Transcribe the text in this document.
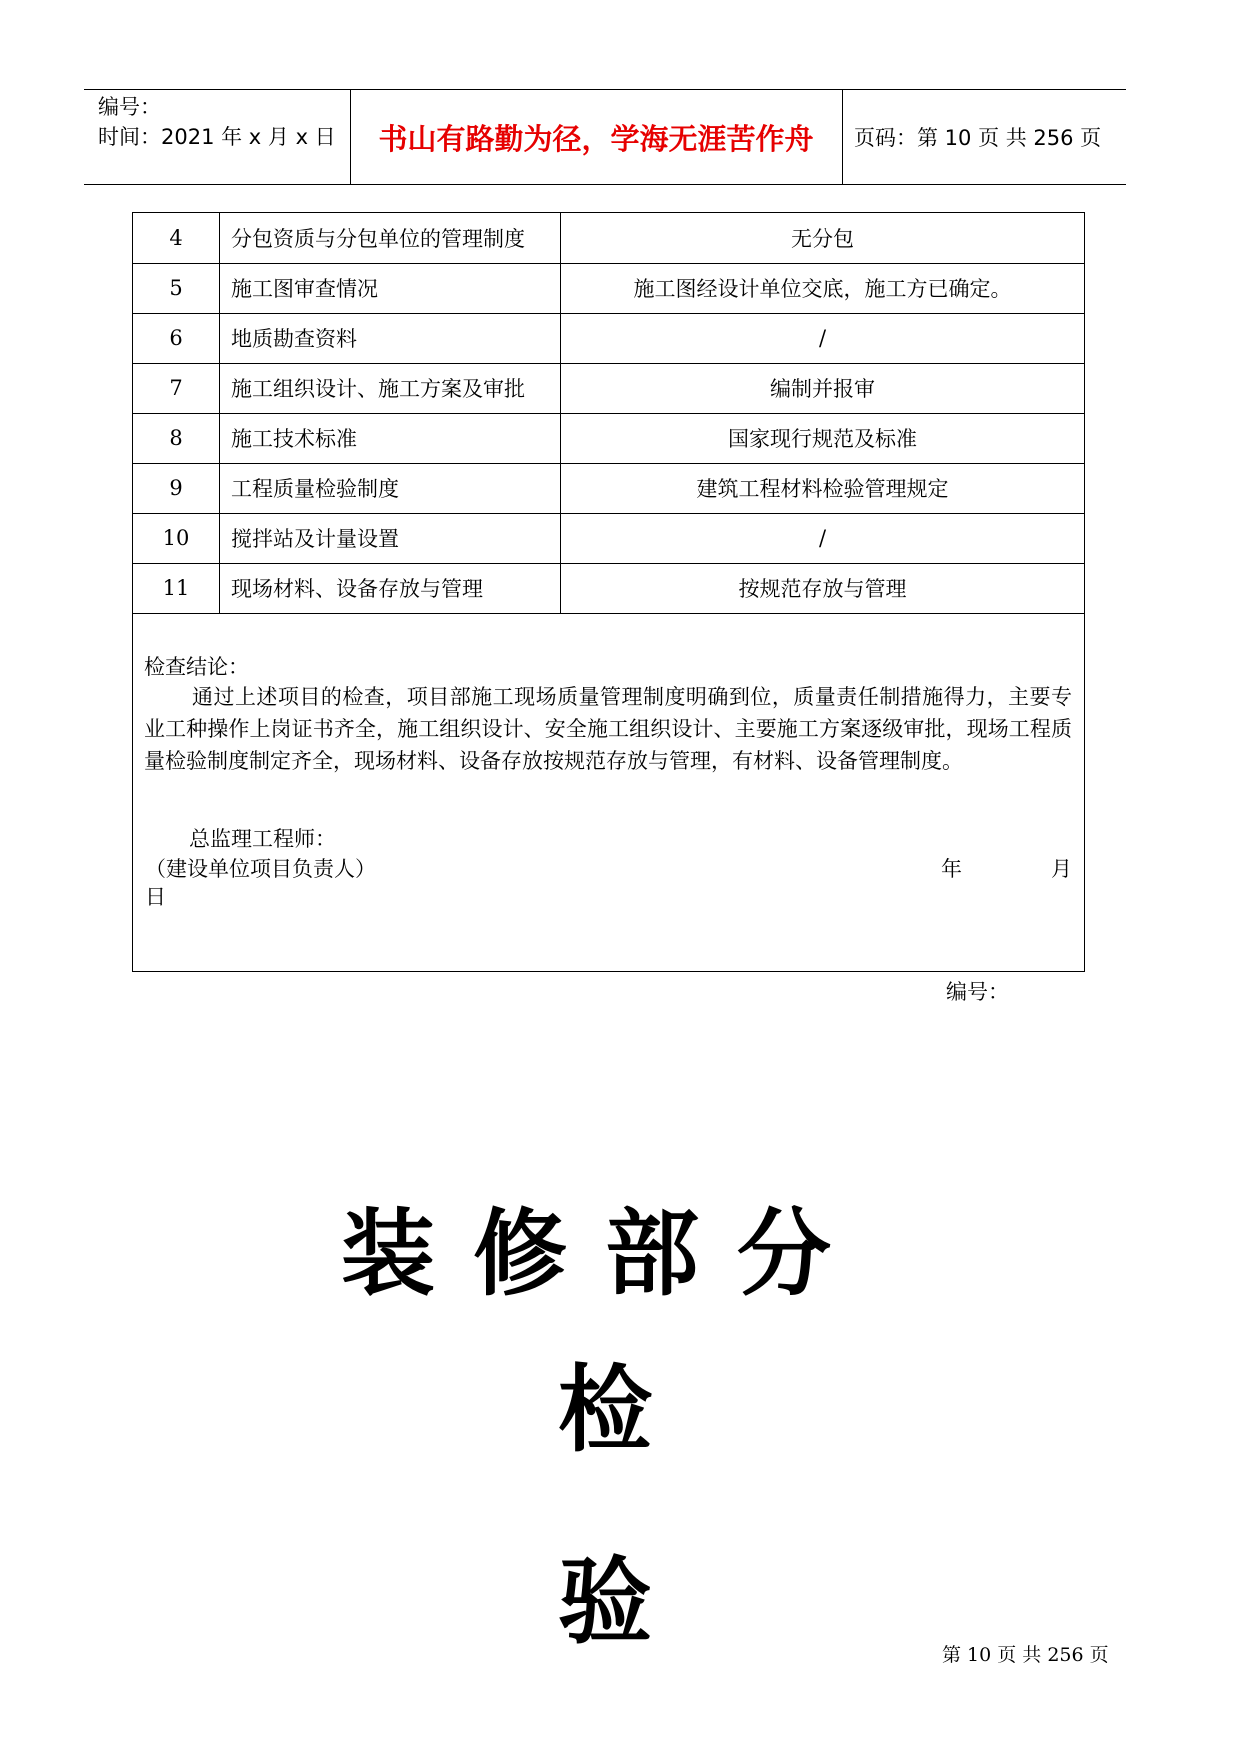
编号：
时间：2021 年 x 月 x 日	书山有路勤为径，学海无涯苦作舟	页码：第 10 页 共 256 页
4	分包资质与分包单位的管理制度	无分包
5	施工图审查情况	施工图经设计单位交底，施工方已确定。
6	地质勘查资料	/
7	施工组织设计、施工方案及审批	编制并报审
8	施工技术标准	国家现行规范及标准
9	工程质量检验制度	建筑工程材料检验管理规定
10	搅拌站及计量设置	/
11	现场材料、设备存放与管理	按规范存放与管理
检查结论：
通过上述项目的检查，项目部施工现场质量管理制度明确到位，质量责任制措施得力，主要专业工种操作上岗证书齐全，施工组织设计、安全施工组织设计、主要施工方案逐级审批，现场工程质量检验制度制定齐全，现场材料、设备存放按规范存放与管理，有材料、设备管理制度。
总监理工程师：
（建设单位项目负责人）	年	月
日
编号：
装修部分
检
验	第 10 页 共 256 页
